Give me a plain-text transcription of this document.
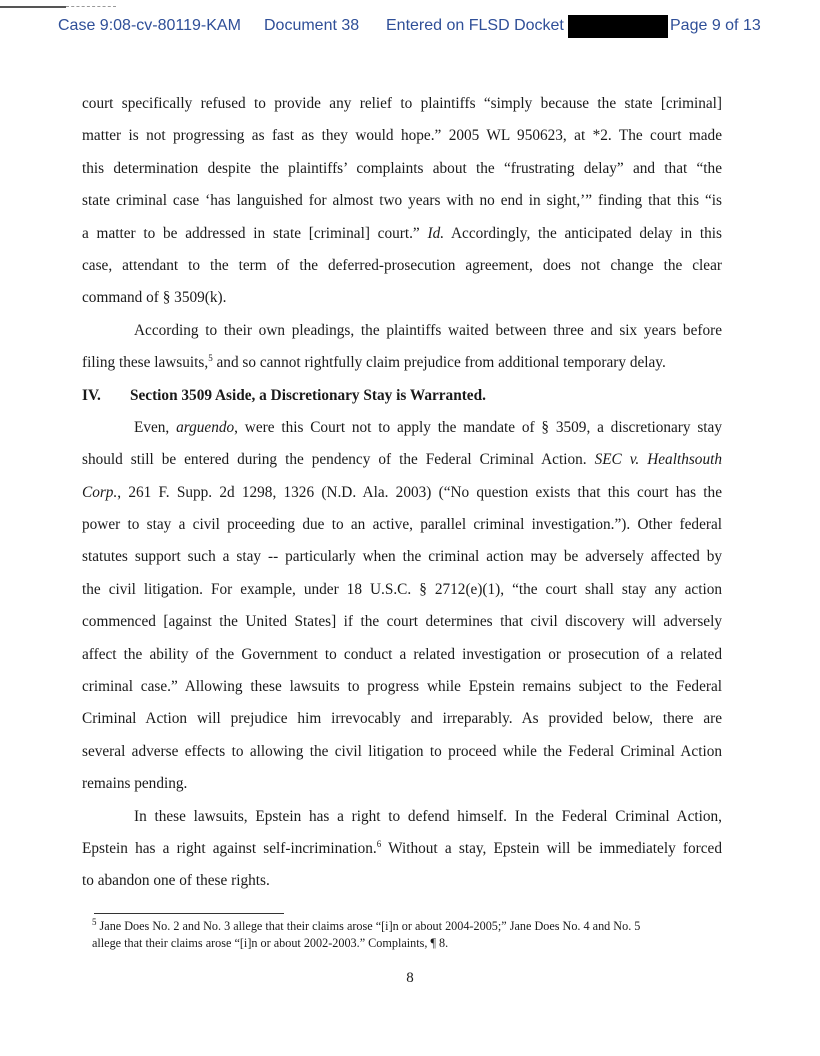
Case 9:08-cv-80119-KAM Document 38 Entered on FLSD Docket	Page 9 of 13
court specifically refused to provide any relief to plaintiffs “simply because the state [criminal]
matter is not progressing as fast as they would hope.” 2005 WL 950623, at *2. The court made
this determination despite the plaintiffs’ complaints about the “frustrating delay” and that “the
state criminal case ‘has languished for almost two years with no end in sight,’” finding that this “is
a matter to be addressed in state [criminal] court.” Id. Accordingly, the anticipated delay in this
case, attendant to the term of the deferred-prosecution agreement, does not change the clear
command of § 3509(k).
According to their own pleadings, the plaintiffs waited between three and six years before
filing these lawsuits,$^5$ and so cannot rightfully claim prejudice from additional temporary delay.
IV. Section 3509 Aside, a Discretionary Stay is Warranted.
Even, arguendo, were this Court not to apply the mandate of § 3509, a discretionary stay
should still be entered during the pendency of the Federal Criminal Action. SEC v. Healthsouth
Corp., 261 F. Supp. 2d 1298, 1326 (N.D. Ala. 2003) (“No question exists that this court has the
power to stay a civil proceeding due to an active, parallel criminal investigation.”). Other federal
statutes support such a stay -- particularly when the criminal action may be adversely affected by
the civil litigation. For example, under 18 U.S.C. § 2712(e)(1), “the court shall stay any action
commenced [against the United States] if the court determines that civil discovery will adversely
affect the ability of the Government to conduct a related investigation or prosecution of a related
criminal case.” Allowing these lawsuits to progress while Epstein remains subject to the Federal
Criminal Action will prejudice him irrevocably and irreparably. As provided below, there are
several adverse effects to allowing the civil litigation to proceed while the Federal Criminal Action
remains pending.
In these lawsuits, Epstein has a right to defend himself. In the Federal Criminal Action,
Epstein has a right against self-incrimination.$^6$ Without a stay, Epstein will be immediately forced
to abandon one of these rights.
$^5$ Jane Does No. 2 and No. 3 allege that their claims arose “[i]n or about 2004-2005;” Jane Does No. 4 and No. 5
allege that their claims arose “[i]n or about 2002-2003.” Complaints, ¶ 8.
8
